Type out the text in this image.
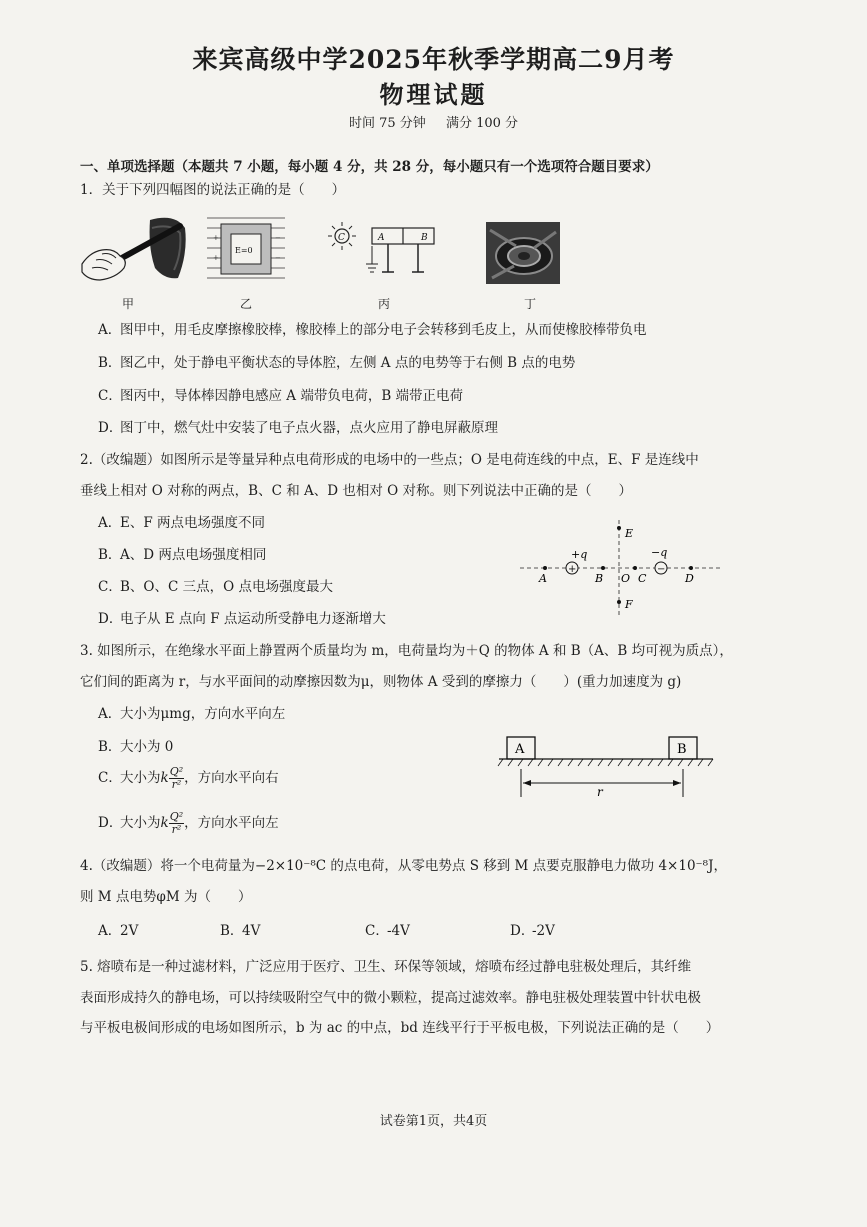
来宾高级中学2025年秋季学期高二9月考
物理试题
时间 75 分钟 满分 100 分
一、单项选择题（本题共 7 小题，每小题 4 分，共 28 分，每小题只有一个选项符合题目要求）
1．关于下列四幅图的说法正确的是（　　）
甲
E=0
+
+
−
−
乙
C	A	B
丙	丁
A．图甲中，用毛皮摩擦橡胶棒，橡胶棒上的部分电子会转移到毛皮上，从而使橡胶棒带负电
B．图乙中，处于静电平衡状态的导体腔，左侧 A 点的电势等于右侧 B 点的电势
C．图丙中，导体棒因静电感应 A 端带负电荷，B 端带正电荷
D．图丁中，燃气灶中安装了电子点火器，点火应用了静电屏蔽原理
2.（改编题）如图所示是等量异种点电荷形成的电场中的一些点；O 是电荷连线的中点，E、F 是连线中
垂线上相对 O 对称的两点，B、C 和 A、D 也相对 O 对称。则下列说法中正确的是（　　）
A．E、F 两点电场强度不同
B．A、D 两点电场强度相同
C．B、O、C 三点，O 点电场强度最大
D．电子从 E 点向 F 点运动所受静电力逐渐增大
E
F
+	−
+q	−q
A	B O C	D
3. 如图所示，在绝缘水平面上静置两个质量均为 m，电荷量均为＋Q 的物体 A 和 B（A、B 均可视为质点），
它们间的距离为 r，与水平面间的动摩擦因数为μ，则物体 A 受到的摩擦力（　　）(重力加速度为 g)
A．大小为μmg，方向水平向左
B．大小为 0
C．大小为k $\frac{\text{Q²}}{\text{r²}}$ ，方向水平向右
D．大小为k $\frac{\text{Q²}}{\text{r²}}$ ，方向水平向左
A	B
r
4.（改编题）将一个电荷量为−2×10⁻⁸C 的点电荷，从零电势点 S 移到 M 点要克服静电力做功 4×10⁻⁸J，
则 M 点电势φM 为（　　）
A．2V	B．4V	C．-4V	D．-2V
5. 熔喷布是一种过滤材料，广泛应用于医疗、卫生、环保等领域，熔喷布经过静电驻极处理后，其纤维
表面形成持久的静电场，可以持续吸附空气中的微小颗粒，提高过滤效率。静电驻极处理装置中针状电极
与平板电极间形成的电场如图所示，b 为 ac 的中点，bd 连线平行于平板电极，下列说法正确的是（　　）
试卷第1页，共4页
